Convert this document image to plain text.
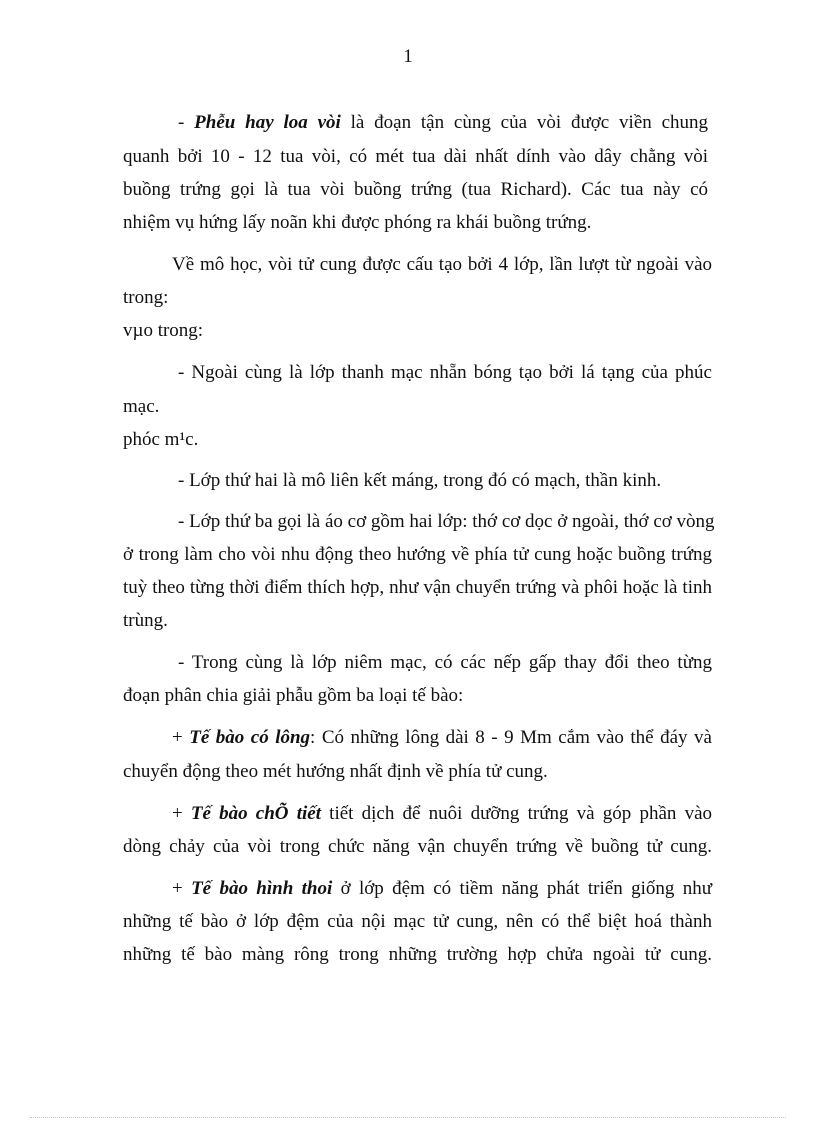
1
- Phễu hay loa vòi là đoạn tận cùng của vòi được viền chung
quanh bởi 10 - 12 tua vòi, có mét tua dài nhất dính vào dây chằng vòi
buồng trứng gọi là tua vòi buồng trứng (tua Richard). Các tua này có
nhiệm vụ hứng lấy noãn khi được phóng ra khái buồng trứng.
Về mô học, vòi tử cung được cấu tạo bởi 4 lớp, lần lượt từ ngoài vào
trong:
vµo trong:
- Ngoài cùng là lớp thanh mạc nhẵn bóng tạo bởi lá tạng của phúc
mạc.
phóc m¹c.
- Lớp thứ hai là mô liên kết máng, trong đó có mạch, thần kinh.
- Lớp thứ ba gọi là áo cơ gồm hai lớp: thớ cơ dọc ở ngoài, thớ cơ vòng
ở trong làm cho vòi nhu động theo hướng về phía tử cung hoặc buồng trứng
tuỳ theo từng thời điểm thích hợp, như vận chuyển trứng và phôi hoặc là tinh
trùng.
- Trong cùng là lớp niêm mạc, có các nếp gấp thay đổi theo từng
đoạn phân chia giải phẫu gồm ba loại tế bào:
+ Tế bào có lông: Có những lông dài 8 - 9 Mm cắm vào thể đáy và
chuyển động theo mét hướng nhất định về phía tử cung.
+ Tế bào chÕ tiết tiết dịch để nuôi dưỡng trứng và góp phần vào
dòng chảy của vòi trong chức năng vận chuyển trứng về buồng tử cung.
+ Tế bào hình thoi ở lớp đệm có tiềm năng phát triển giống như
những tế bào ở lớp đệm của nội mạc tử cung, nên có thể biệt hoá thành
những tế bào màng rông trong những trường hợp chửa ngoài tử cung.
